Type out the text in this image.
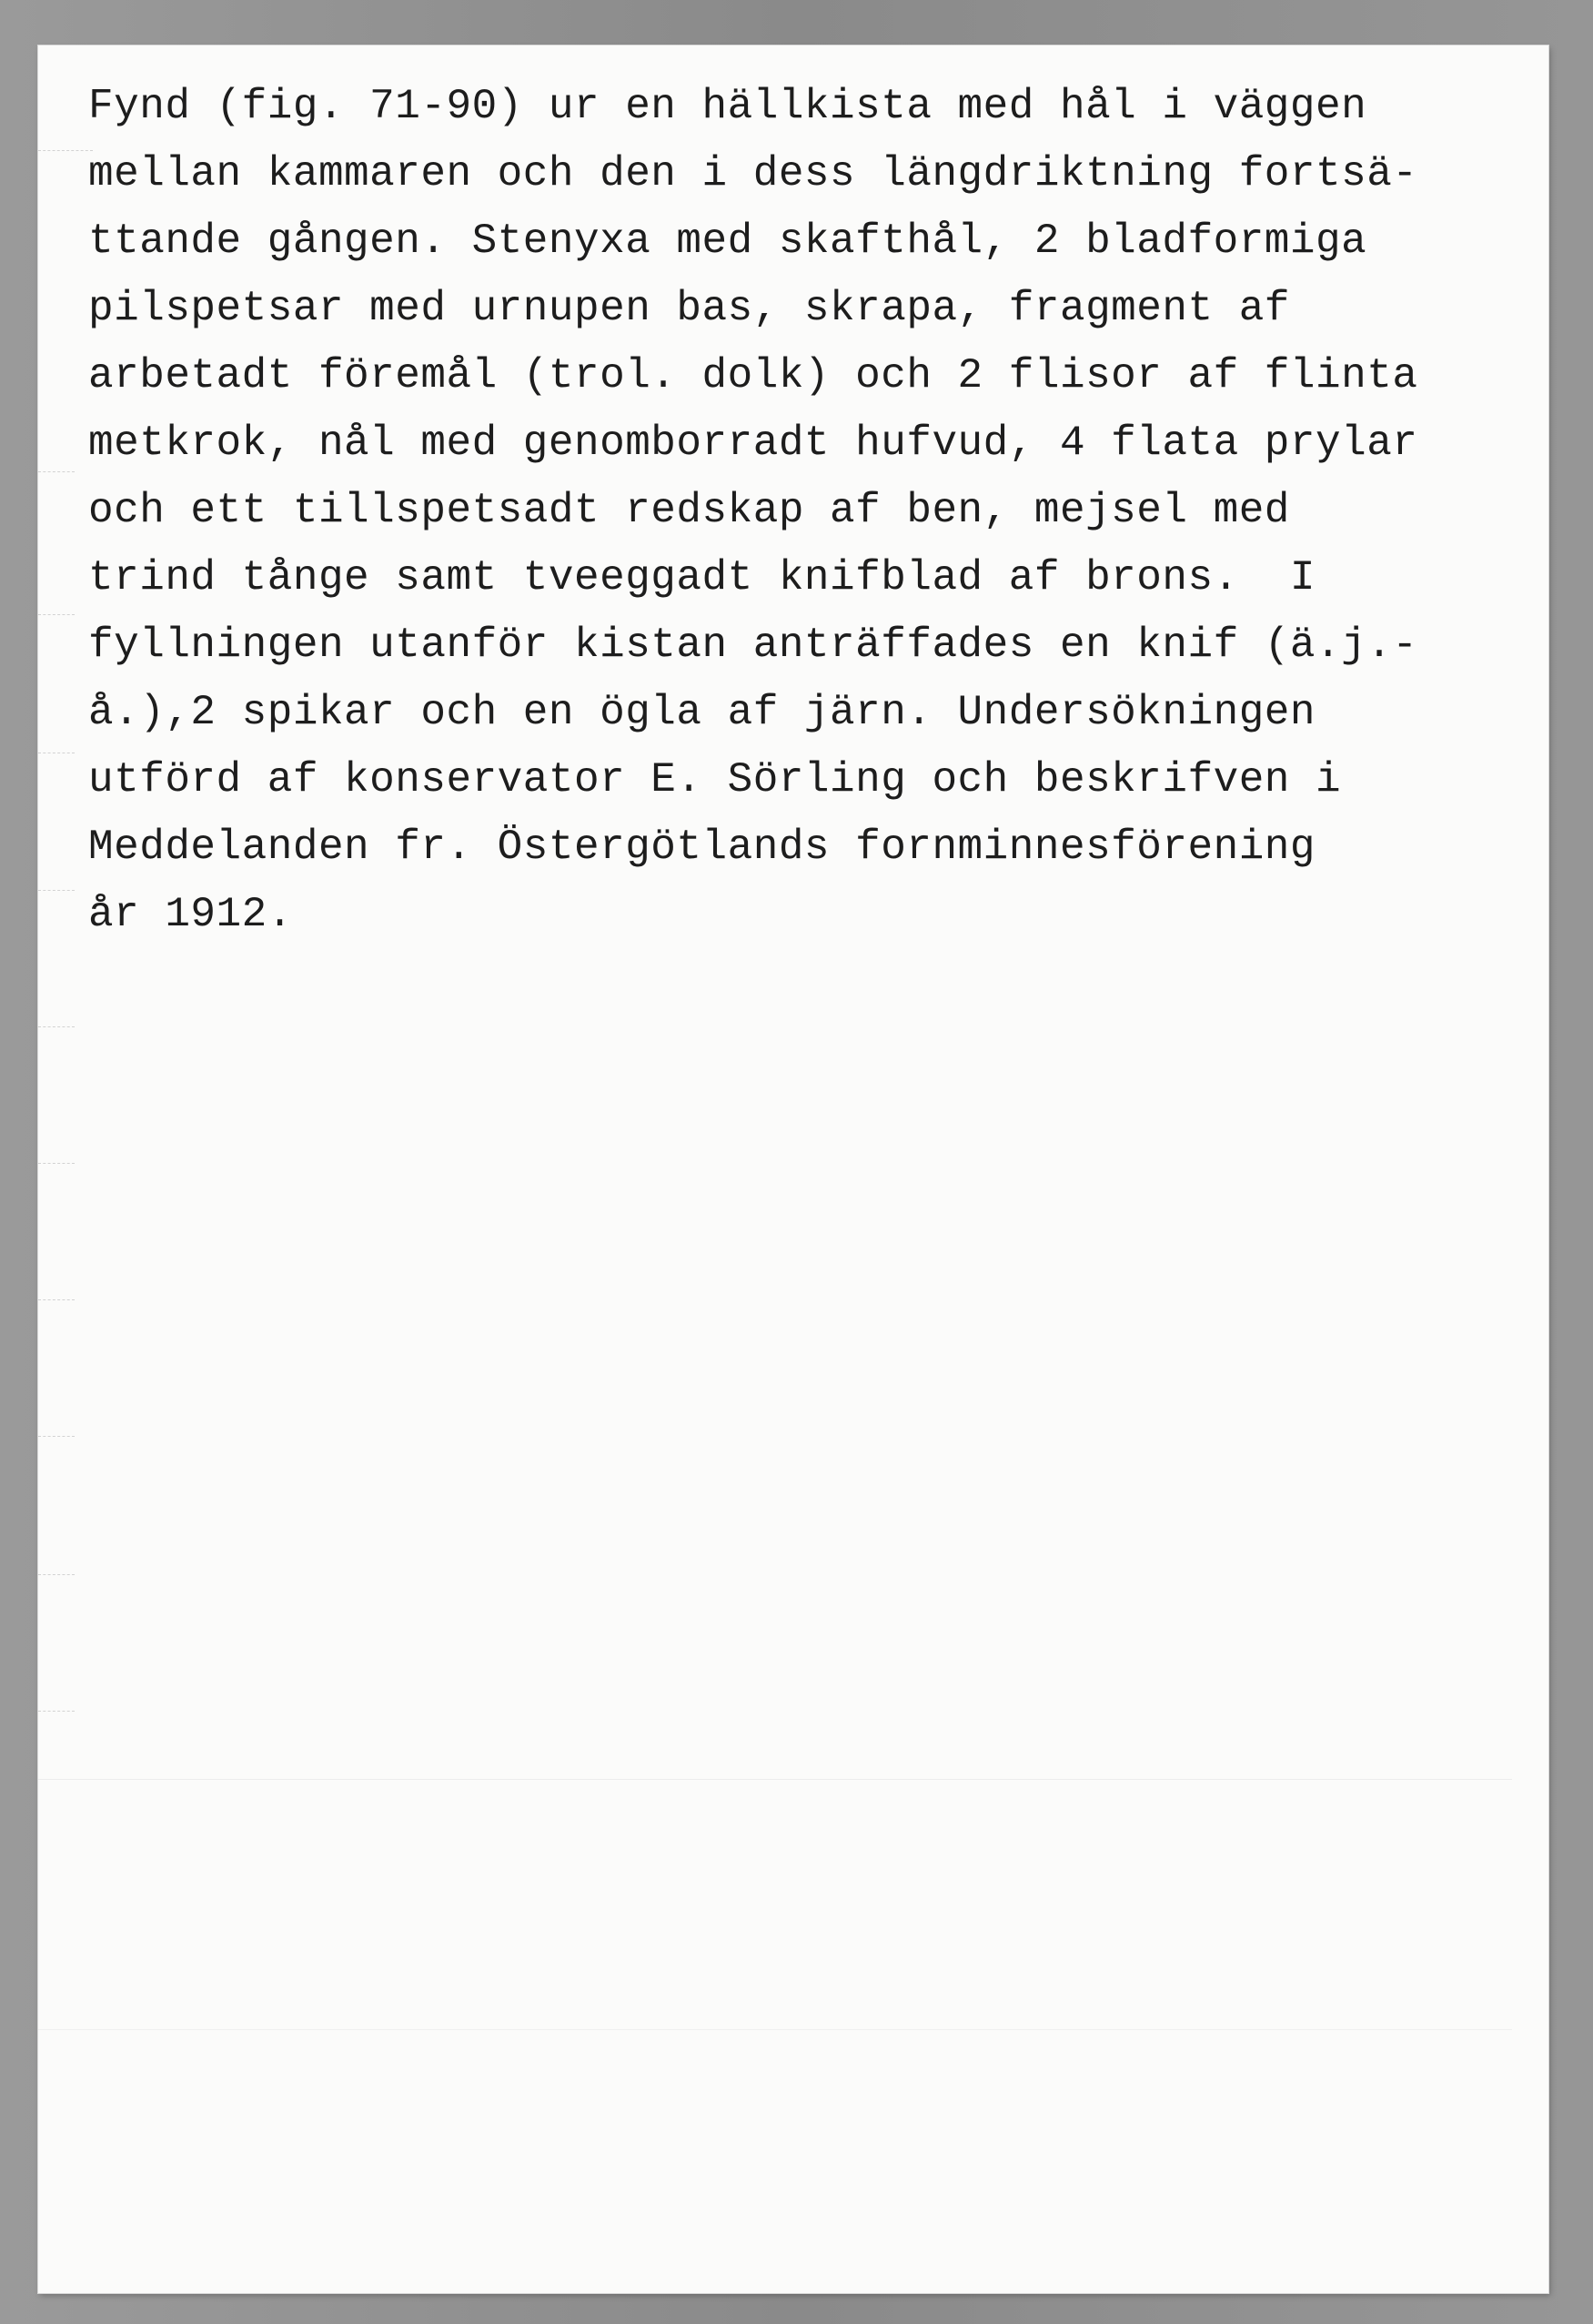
Fynd (fig. 71-90) ur en hällkista med hål i väggen
mellan kammaren och den i dess längdriktning fortsä-
ttande gången. Stenyxa med skafthål, 2 bladformiga
pilspetsar med urnupen bas, skrapa, fragment af
arbetadt föremål (trol. dolk) och 2 flisor af flinta
metkrok, nål med genomborradt hufvud, 4 flata prylar
och ett tillspetsadt redskap af ben, mejsel med
trind tånge samt tveeggadt knifblad af brons.  I
fyllningen utanför kistan anträffades en knif (ä.j.-
å.),2 spikar och en ögla af järn. Undersökningen
utförd af konservator E. Sörling och beskrifven i
Meddelanden fr. Östergötlands fornminnesförening
år 1912.
